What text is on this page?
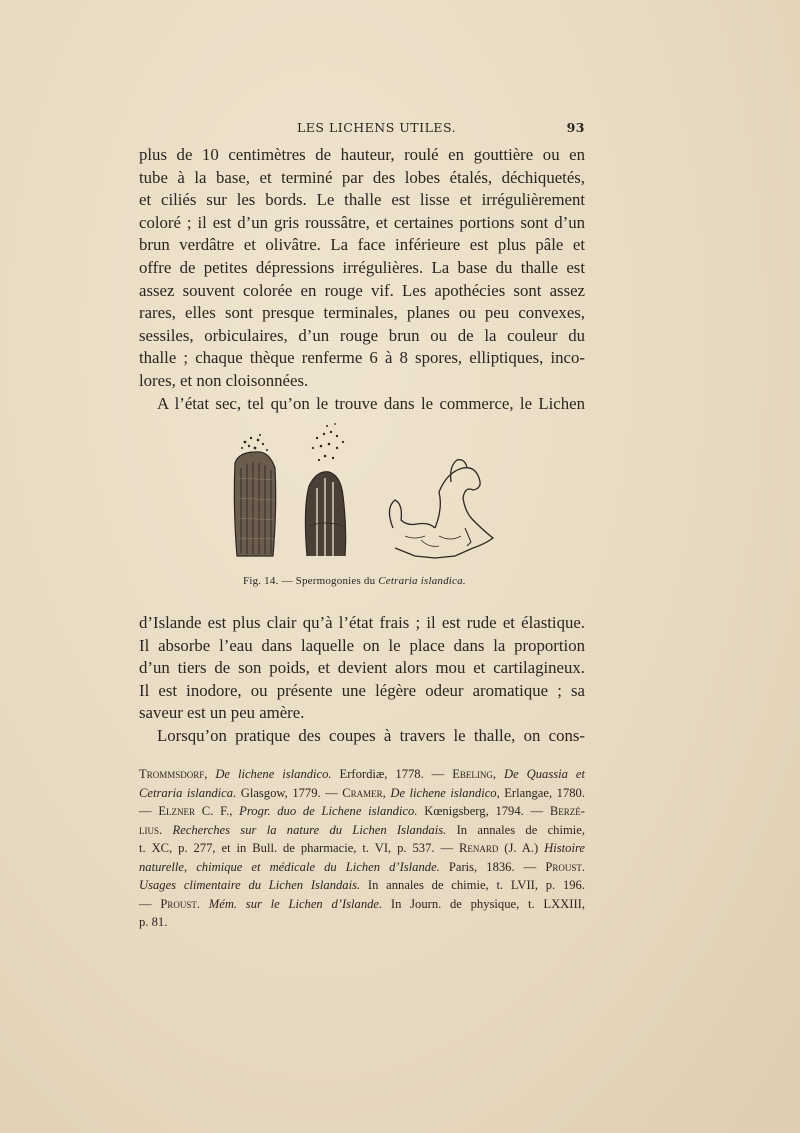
LES LICHENS UTILES.	93
plus de 10 centimètres de hauteur, roulé en gouttière ou en
tube à la base, et terminé par des lobes étalés, déchiquetés,
et ciliés sur les bords. Le thalle est lisse et irrégulièrement
coloré ; il est d’un gris roussâtre, et certaines portions sont d’un
brun verdâtre et olivâtre. La face inférieure est plus pâle et
offre de petites dépressions irrégulières. La base du thalle est
assez souvent colorée en rouge vif. Les apothécies sont assez
rares, elles sont presque terminales, planes ou peu convexes,
sessiles, orbiculaires, d’un rouge brun ou de la couleur du
thalle ; chaque thèque renferme 6 à 8 spores, elliptiques, inco-
lores, et non cloisonnées.
A l’état sec, tel qu’on le trouve dans le commerce, le Lichen
Fig. 14. — Spermogonies du Cetraria islandica.
d’Islande est plus clair qu’à l’état frais ; il est rude et élastique.
Il absorbe l’eau dans laquelle on le place dans la proportion
d’un tiers de son poids, et devient alors mou et cartilagineux.
Il est inodore, ou présente une légère odeur aromatique ; sa
saveur est un peu amère.
Lorsqu’on pratique des coupes à travers le thalle, on cons-
Trommsdorf, De lichene islandico. Erfordiæ, 1778. — Ebeling, De Quassia et
Cetraria islandica. Glasgow, 1779. — Cramer, De lichene islandico, Erlangae, 1780.
— Elzner C. F., Progr. duo de Lichene islandico. Kœnigsberg, 1794. — Berzé-
lius. Recherches sur la nature du Lichen Islandais. In annales de chimie,
t. XC, p. 277, et in Bull. de pharmacie, t. VI, p. 537. — Renard (J. A.) Histoire
naturelle, chimique et médicale du Lichen d’Islande. Paris, 1836. — Proust.
Usages climentaire du Lichen Islandais. In annales de chimie, t. LVII, p. 196.
— Proust. Mém. sur le Lichen d’Islande. In Journ. de physique, t. LXXIII,
p. 81.
